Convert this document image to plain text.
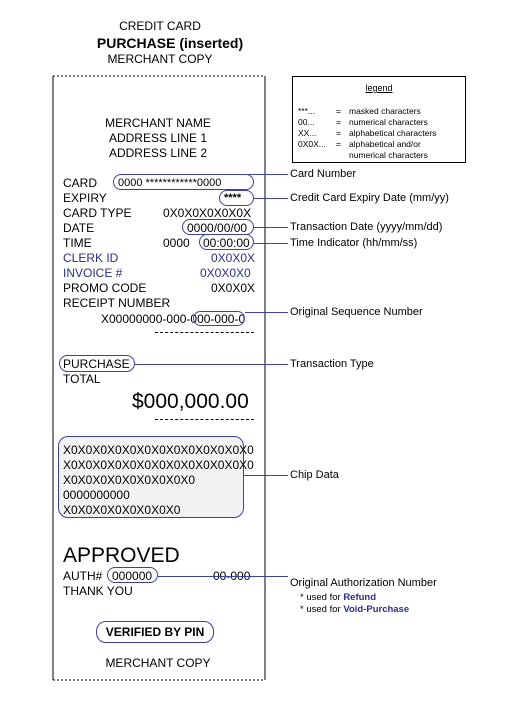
CREDIT CARD
PURCHASE (inserted)
MERCHANT COPY
legend
***...	= masked characters
00...	= numerical characters
XX...	= alphabetical characters
0X0X...	= alphabetical and/or
numerical characters
MERCHANT NAME
ADDRESS LINE 1
ADDRESS LINE 2
CARD 0000 ************0000
EXPIRY	****
CARD TYPE	0X0X0X0X0X0X
DATE	0000/00/00
TIME	0000 00:00:00
CLERK ID	0X0X0X
INVOICE #	0X0X0X0
PROMO CODE	0X0X0X
RECEIPT NUMBER
X00000000-000-000-000-0
PURCHASE
TOTAL
$000,000.00
X0X0X0X0X0X0X0X0X0X0X0X0X0
X0X0X0X0X0X0X0X0X0X0X0X0X0
X0X0X0X0X0X0X0X0X0
0000000000
X0X0X0X0X0X0X0X0
APPROVED
AUTH# 000000	00-000
THANK YOU
VERIFIED BY PIN
MERCHANT COPY
Card Number
Credit Card Expiry Date (mm/yy)
Transaction Date (yyyy/mm/dd)
Time Indicator (hh/mm/ss)
Original Sequence Number
Transaction Type
Chip Data
Original Authorization Number
* used for Refund
* used for Void-Purchase
